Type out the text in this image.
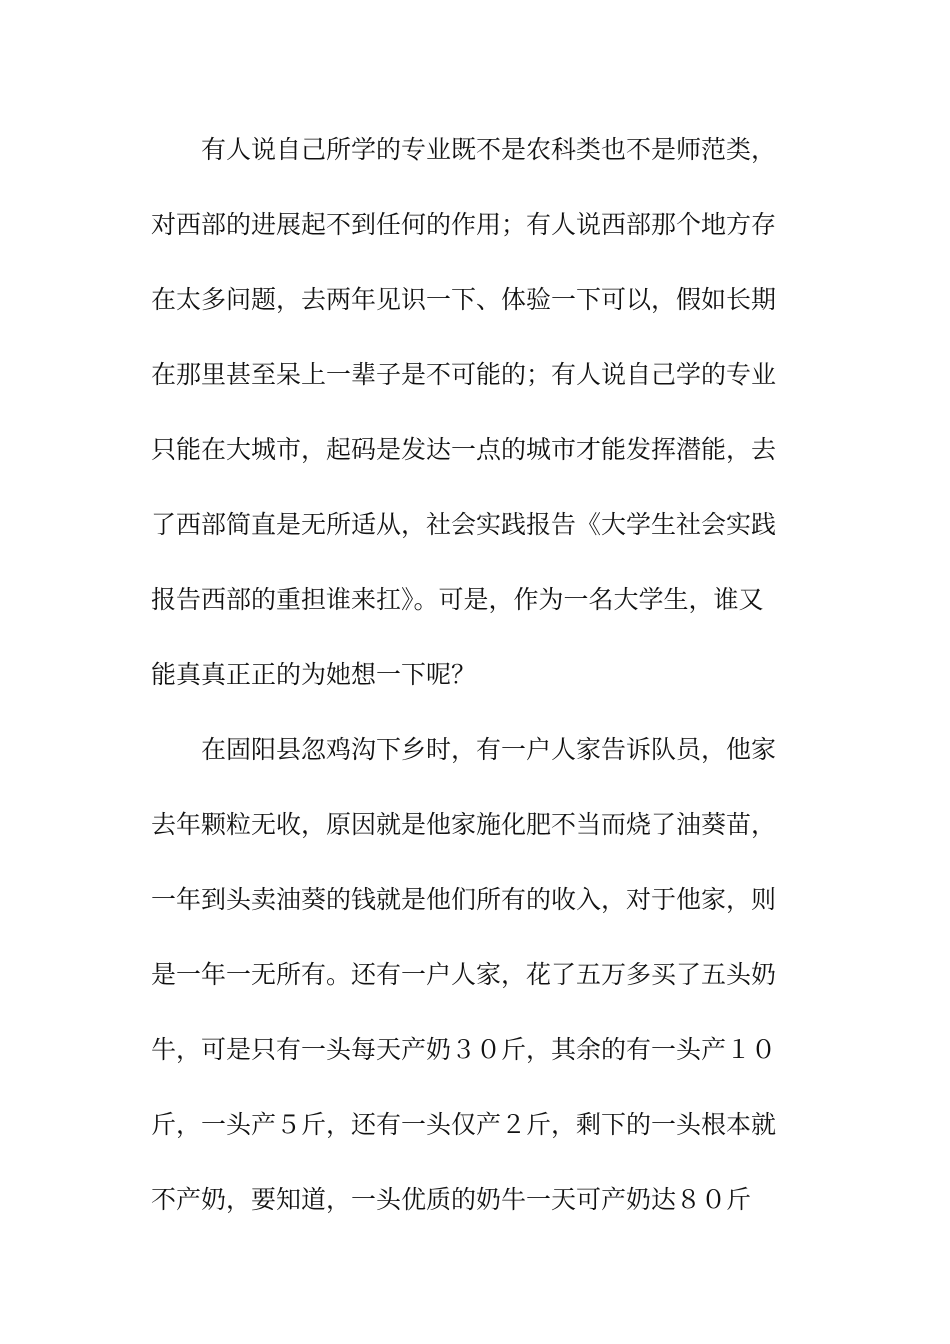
有人说自己所学的专业既不是农科类也不是师范类，
对西部的进展起不到任何的作用；有人说西部那个地方存
在太多问题，去两年见识一下、体验一下可以，假如长期
在那里甚至呆上一辈子是不可能的；有人说自己学的专业
只能在大城市，起码是发达一点的城市才能发挥潜能，去
了西部简直是无所适从，社会实践报告《大学生社会实践
报告西部的重担谁来扛》。可是，作为一名大学生，谁又
能真真正正的为她想一下呢？
在固阳县忽鸡沟下乡时，有一户人家告诉队员，他家
去年颗粒无收，原因就是他家施化肥不当而烧了油葵苗，
一年到头卖油葵的钱就是他们所有的收入，对于他家，则
是一年一无所有。还有一户人家，花了五万多买了五头奶
牛，可是只有一头每天产奶３０斤，其余的有一头产１０
斤，一头产５斤，还有一头仅产２斤，剩下的一头根本就
不产奶，要知道，一头优质的奶牛一天可产奶达８０斤
